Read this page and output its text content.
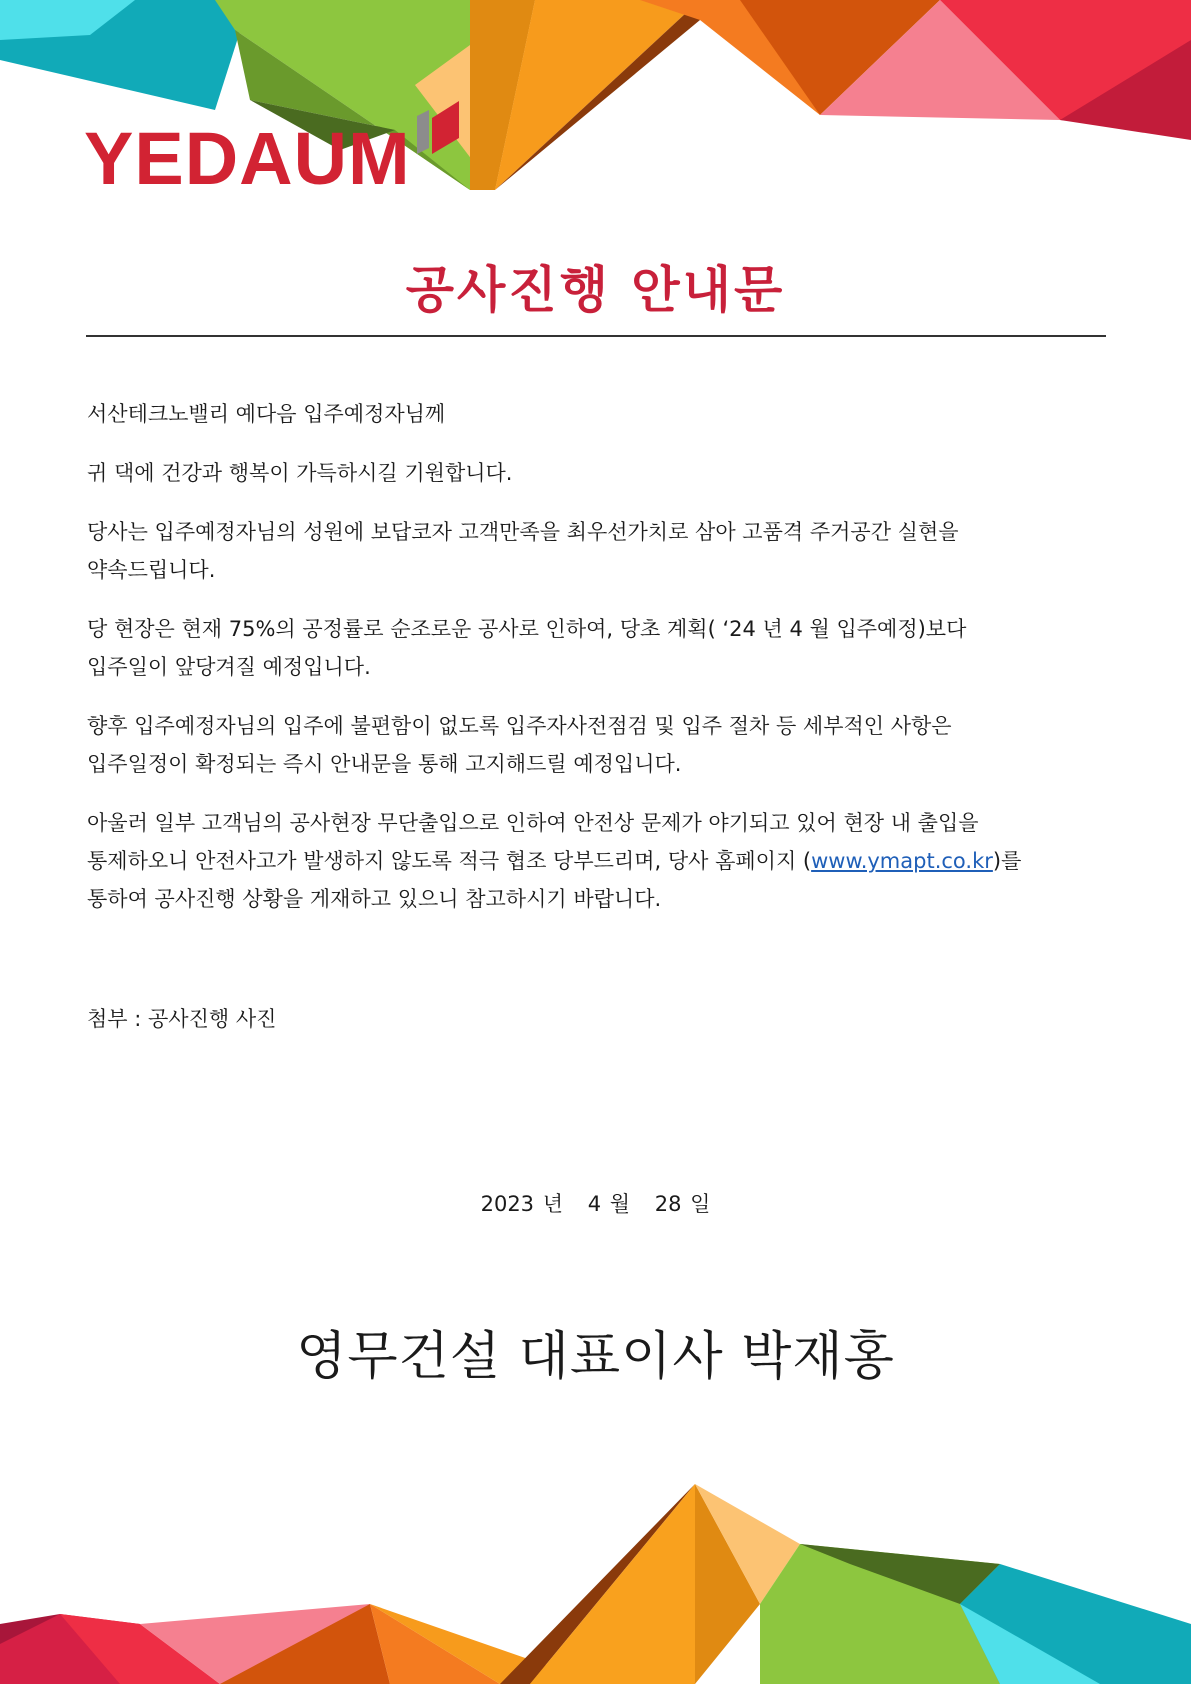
YEDAUM
공사진행 안내문

서산테크노밸리 예다음 입주예정자님께

귀 댁에 건강과 행복이 가득하시길 기원합니다.

당사는 입주예정자님의 성원에 보답코자 고객만족을 최우선가치로 삼아 고품격 주거공간 실현을
약속드립니다.

당 현장은 현재 75%의 공정률로 순조로운 공사로 인하여, 당초 계획( ‘24 년 4 월 입주예정)보다
입주일이 앞당겨질 예정입니다.

향후 입주예정자님의 입주에 불편함이 없도록 입주자사전점검 및 입주 절차 등 세부적인 사항은
입주일정이 확정되는 즉시 안내문을 통해 고지해드릴 예정입니다.

아울러 일부 고객님의 공사현장 무단출입으로 인하여 안전상 문제가 야기되고 있어 현장 내 출입을
통제하오니 안전사고가 발생하지 않도록 적극 협조 당부드리며, 당사 홈페이지 (www.ymapt.co.kr)를
통하여 공사진행 상황을 게재하고 있으니 참고하시기 바랍니다.

첨부 : 공사진행 사진
2023 년 4 월 28 일
영무건설 대표이사 박재홍
